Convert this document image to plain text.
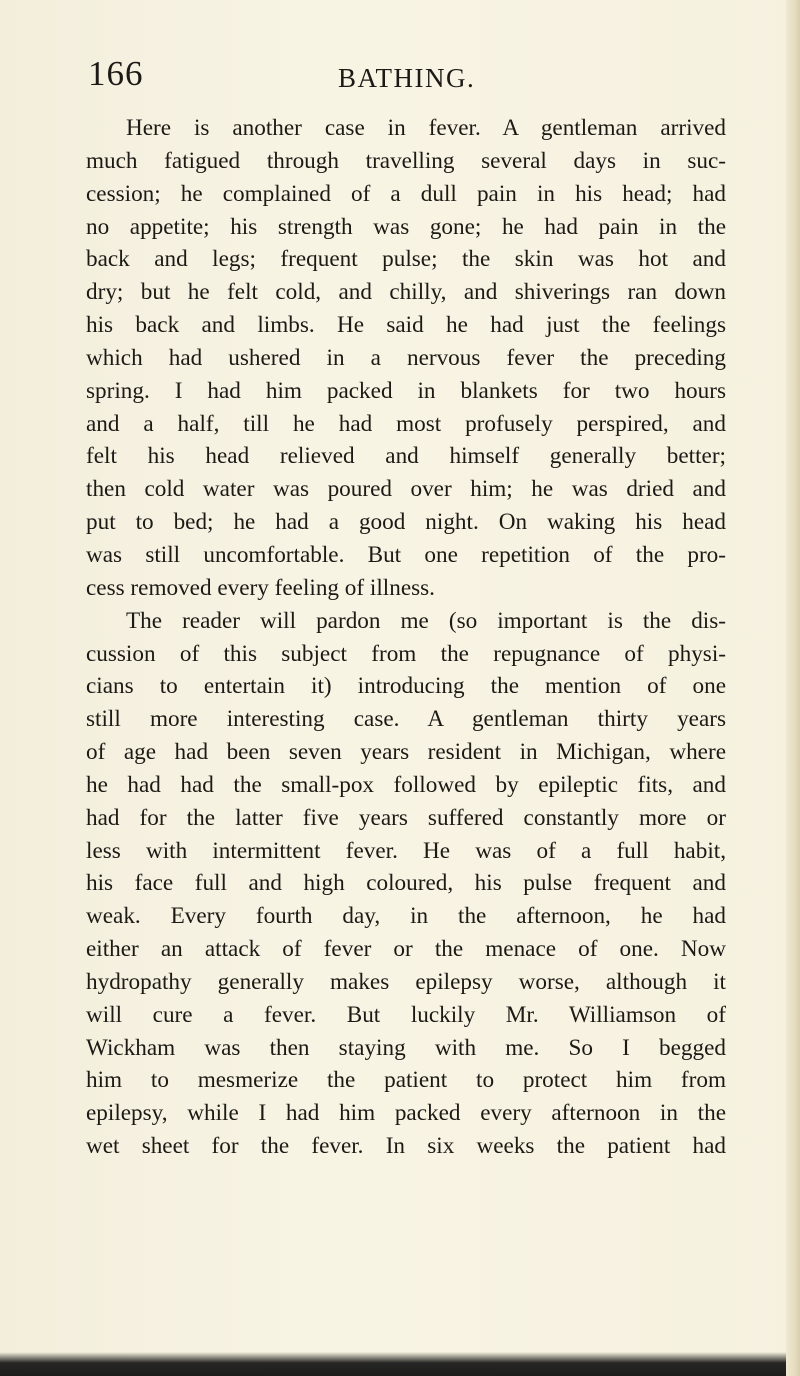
166	BATHING.
Here is another case in fever. A gentleman arrived
much fatigued through travelling several days in suc-
cession; he complained of a dull pain in his head; had
no appetite; his strength was gone; he had pain in the
back and legs; frequent pulse; the skin was hot and
dry; but he felt cold, and chilly, and shiverings ran down
his back and limbs. He said he had just the feelings
which had ushered in a nervous fever the preceding
spring. I had him packed in blankets for two hours
and a half, till he had most profusely perspired, and
felt his head relieved and himself generally better;
then cold water was poured over him; he was dried and
put to bed; he had a good night. On waking his head
was still uncomfortable. But one repetition of the pro-
cess removed every feeling of illness.
The reader will pardon me (so important is the dis-
cussion of this subject from the repugnance of physi-
cians to entertain it) introducing the mention of one
still more interesting case. A gentleman thirty years
of age had been seven years resident in Michigan, where
he had had the small-pox followed by epileptic fits, and
had for the latter five years suffered constantly more or
less with intermittent fever. He was of a full habit,
his face full and high coloured, his pulse frequent and
weak. Every fourth day, in the afternoon, he had
either an attack of fever or the menace of one. Now
hydropathy generally makes epilepsy worse, although it
will cure a fever. But luckily Mr. Williamson of
Wickham was then staying with me. So I begged
him to mesmerize the patient to protect him from
epilepsy, while I had him packed every afternoon in the
wet sheet for the fever. In six weeks the patient had
